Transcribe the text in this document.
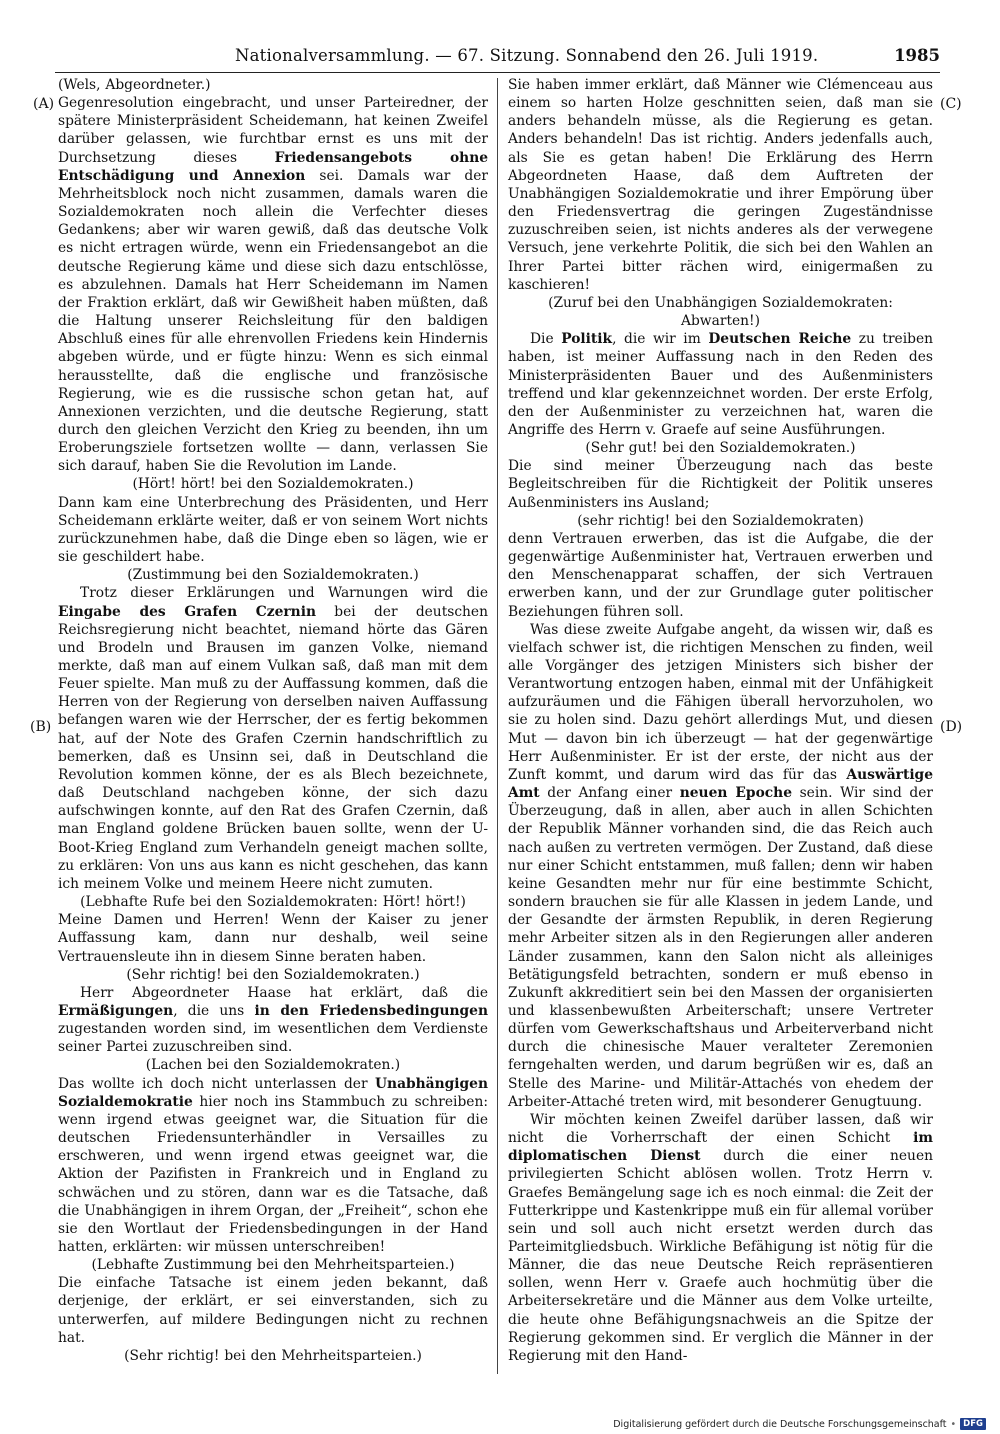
Nationalversammlung. — 67. Sitzung. Sonnabend den 26. Juli 1919.	1985
(A)
(B)
(C)
(D)

(Wels, Abgeordneter.)

Gegenresolution eingebracht, und unser Parteiredner, der spätere Ministerpräsident Scheidemann, hat keinen Zweifel darüber gelassen, wie furchtbar ernst es uns mit der Durchsetzung dieses Friedensangebots ohne Entschädigung und Annexion sei. Damals war der Mehrheitsblock noch nicht zusammen, damals waren die Sozialdemokraten noch allein die Verfechter dieses Gedankens; aber wir waren gewiß, daß das deutsche Volk es nicht ertragen würde, wenn ein Friedensangebot an die deutsche Regierung käme und diese sich dazu entschlösse, es abzulehnen. Damals hat Herr Scheidemann im Namen der Fraktion erklärt, daß wir Gewißheit haben müßten, daß die Haltung unserer Reichsleitung für den baldigen Abschluß eines für alle ehrenvollen Friedens kein Hindernis abgeben würde, und er fügte hinzu: Wenn es sich einmal herausstellte, daß die englische und französische Regierung, wie es die russische schon getan hat, auf Annexionen verzichten, und die deutsche Regierung, statt durch den gleichen Verzicht den Krieg zu beenden, ihn um Eroberungsziele fortsetzen wollte — dann, verlassen Sie sich darauf, haben Sie die Revolution im Lande.

(Hört! hört! bei den Sozialdemokraten.)

Dann kam eine Unterbrechung des Präsidenten, und Herr Scheidemann erklärte weiter, daß er von seinem Wort nichts zurückzunehmen habe, daß die Dinge eben so lägen, wie er sie geschildert habe.

(Zustimmung bei den Sozialdemokraten.)

Trotz dieser Erklärungen und Warnungen wird die Eingabe des Grafen Czernin bei der deutschen Reichsregierung nicht beachtet, niemand hörte das Gären und Brodeln und Brausen im ganzen Volke, niemand merkte, daß man auf einem Vulkan saß, daß man mit dem Feuer spielte. Man muß zu der Auffassung kommen, daß die Herren von der Regierung von derselben naiven Auffassung befangen waren wie der Herrscher, der es fertig bekommen hat, auf der Note des Grafen Czernin handschriftlich zu bemerken, daß es Unsinn sei, daß in Deutschland die Revolution kommen könne, der es als Blech bezeichnete, daß Deutschland nachgeben könne, der sich dazu aufschwingen konnte, auf den Rat des Grafen Czernin, daß man England goldene Brücken bauen sollte, wenn der U-Boot-Krieg England zum Verhandeln geneigt machen sollte, zu erklären: Von uns aus kann es nicht geschehen, das kann ich meinem Volke und meinem Heere nicht zumuten.

(Lebhafte Rufe bei den Sozialdemokraten: Hört! hört!)

Meine Damen und Herren! Wenn der Kaiser zu jener Auffassung kam, dann nur deshalb, weil seine Vertrauensleute ihn in diesem Sinne beraten haben.

(Sehr richtig! bei den Sozialdemokraten.)

Herr Abgeordneter Haase hat erklärt, daß die Ermäßigungen, die uns in den Friedensbedingungen zugestanden worden sind, im wesentlichen dem Verdienste seiner Partei zuzuschreiben sind.

(Lachen bei den Sozialdemokraten.)

Das wollte ich doch nicht unterlassen der Unabhängigen Sozialdemokratie hier noch ins Stammbuch zu schreiben: wenn irgend etwas geeignet war, die Situation für die deutschen Friedensunterhändler in Versailles zu erschweren, und wenn irgend etwas geeignet war, die Aktion der Pazifisten in Frankreich und in England zu schwächen und zu stören, dann war es die Tatsache, daß die Unabhängigen in ihrem Organ, der „Freiheit“, schon ehe sie den Wortlaut der Friedensbedingungen in der Hand hatten, erklärten: wir müssen unterschreiben!

(Lebhafte Zustimmung bei den Mehrheitsparteien.)

Die einfache Tatsache ist einem jeden bekannt, daß derjenige, der erklärt, er sei einverstanden, sich zu unterwerfen, auf mildere Bedingungen nicht zu rechnen hat.

(Sehr richtig! bei den Mehrheitsparteien.)

Sie haben immer erklärt, daß Männer wie Clémenceau aus einem so harten Holze geschnitten seien, daß man sie anders behandeln müsse, als die Regierung es getan. Anders behandeln! Das ist richtig. Anders jedenfalls auch, als Sie es getan haben! Die Erklärung des Herrn Abgeordneten Haase, daß dem Auftreten der Unabhängigen Sozialdemokratie und ihrer Empörung über den Friedensvertrag die geringen Zugeständnisse zuzuschreiben seien, ist nichts anderes als der verwegene Versuch, jene verkehrte Politik, die sich bei den Wahlen an Ihrer Partei bitter rächen wird, einigermaßen zu kaschieren!

(Zuruf bei den Unabhängigen Sozialdemokraten: Abwarten!)

Die Politik, die wir im Deutschen Reiche zu treiben haben, ist meiner Auffassung nach in den Reden des Ministerpräsidenten Bauer und des Außenministers treffend und klar gekennzeichnet worden. Der erste Erfolg, den der Außenminister zu verzeichnen hat, waren die Angriffe des Herrn v. Graefe auf seine Ausführungen.

(Sehr gut! bei den Sozialdemokraten.)

Die sind meiner Überzeugung nach das beste Begleitschreiben für die Richtigkeit der Politik unseres Außenministers ins Ausland;

(sehr richtig! bei den Sozialdemokraten)

denn Vertrauen erwerben, das ist die Aufgabe, die der gegenwärtige Außenminister hat, Vertrauen erwerben und den Menschenapparat schaffen, der sich Vertrauen erwerben kann, und der zur Grundlage guter politischer Beziehungen führen soll.

Was diese zweite Aufgabe angeht, da wissen wir, daß es vielfach schwer ist, die richtigen Menschen zu finden, weil alle Vorgänger des jetzigen Ministers sich bisher der Verantwortung entzogen haben, einmal mit der Unfähigkeit aufzuräumen und die Fähigen überall hervorzuholen, wo sie zu holen sind. Dazu gehört allerdings Mut, und diesen Mut — davon bin ich überzeugt — hat der gegenwärtige Herr Außenminister. Er ist der erste, der nicht aus der Zunft kommt, und darum wird das für das Auswärtige Amt der Anfang einer neuen Epoche sein. Wir sind der Überzeugung, daß in allen, aber auch in allen Schichten der Republik Männer vorhanden sind, die das Reich auch nach außen zu vertreten vermögen. Der Zustand, daß diese nur einer Schicht entstammen, muß fallen; denn wir haben keine Gesandten mehr nur für eine bestimmte Schicht, sondern brauchen sie für alle Klassen in jedem Lande, und der Gesandte der ärmsten Republik, in deren Regierung mehr Arbeiter sitzen als in den Regierungen aller anderen Länder zusammen, kann den Salon nicht als alleiniges Betätigungsfeld betrachten, sondern er muß ebenso in Zukunft akkreditiert sein bei den Massen der organisierten und klassenbewußten Arbeiterschaft; unsere Vertreter dürfen vom Gewerkschaftshaus und Arbeiterverband nicht durch die chinesische Mauer veralteter Zeremonien ferngehalten werden, und darum begrüßen wir es, daß an Stelle des Marine- und Militär-Attachés von ehedem der Arbeiter-Attaché treten wird, mit besonderer Genugtuung.

Wir möchten keinen Zweifel darüber lassen, daß wir nicht die Vorherrschaft der einen Schicht im diplomatischen Dienst durch die einer neuen privilegierten Schicht ablösen wollen. Trotz Herrn v. Graefes Bemängelung sage ich es noch einmal: die Zeit der Futterkrippe und Kastenkrippe muß ein für allemal vorüber sein und soll auch nicht ersetzt werden durch das Parteimitgliedsbuch. Wirkliche Befähigung ist nötig für die Männer, die das neue Deutsche Reich repräsentieren sollen, wenn Herr v. Graefe auch hochmütig über die Arbeitersekretäre und die Männer aus dem Volke urteilte, die heute ohne Befähigungsnachweis an die Spitze der Regierung gekommen sind. Er verglich die Männer in der Regierung mit den Hand-

Digitalisierung gefördert durch die Deutsche Forschungsgemeinschaft • DFG
